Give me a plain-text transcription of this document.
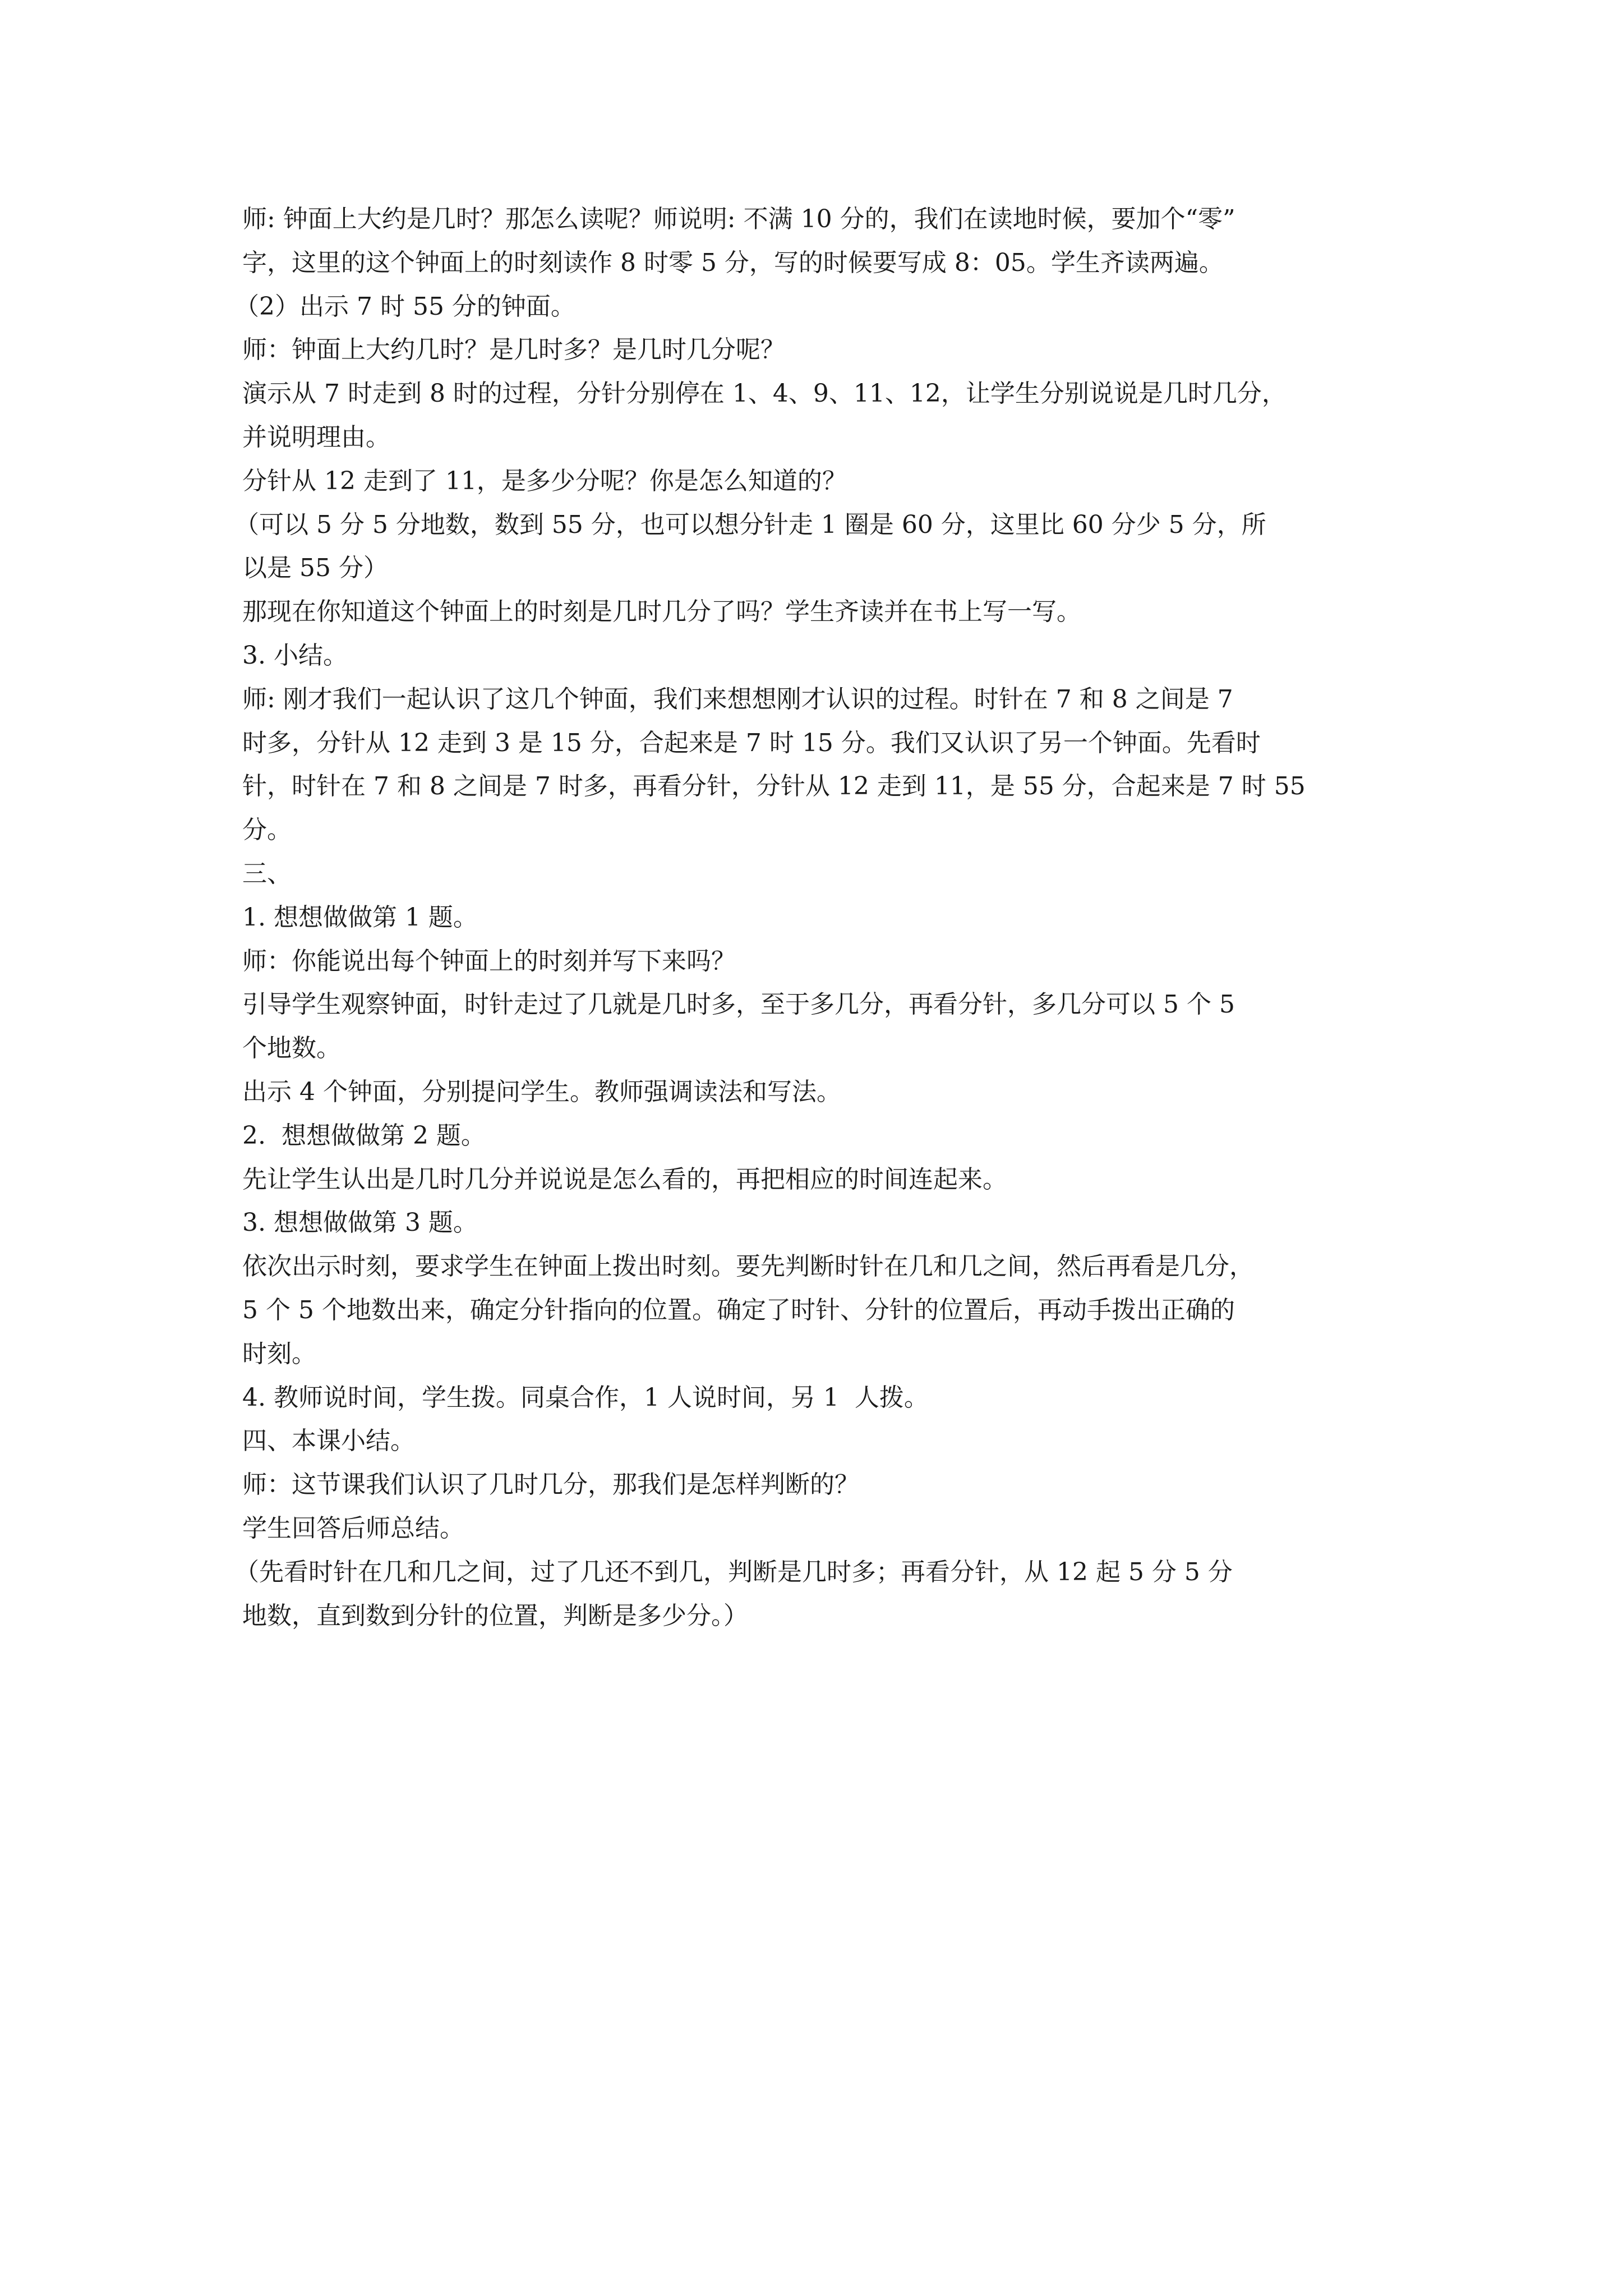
师: 钟面上大约是几时？那怎么读呢？师说明: 不满 10 分的，我们在读地时候，要加个“零”
字，这里的这个钟面上的时刻读作 8 时零 5 分，写的时候要写成 8：05。学生齐读两遍。
（2）出示 7 时 55 分的钟面。
师：钟面上大约几时？是几时多？是几时几分呢？
演示从 7 时走到 8 时的过程，分针分别停在 1、4、9、11、12，让学生分别说说是几时几分，
并说明理由。
分针从 12 走到了 11，是多少分呢？你是怎么知道的？
（可以 5 分 5 分地数，数到 55 分，也可以想分针走 1 圈是 60 分，这里比 60 分少 5 分，所
以是 55 分）
那现在你知道这个钟面上的时刻是几时几分了吗？学生齐读并在书上写一写。
3. 小结。
师: 刚才我们一起认识了这几个钟面，我们来想想刚才认识的过程。时针在 7 和 8 之间是 7
时多，分针从 12 走到 3 是 15 分，合起来是 7 时 15 分。我们又认识了另一个钟面。先看时
针，时针在 7 和 8 之间是 7 时多，再看分针，分针从 12 走到 11，是 55 分，合起来是 7 时 55
分。
三、
1. 想想做做第 1 题。
师：你能说出每个钟面上的时刻并写下来吗？
引导学生观察钟面，时针走过了几就是几时多，至于多几分，再看分针，多几分可以 5 个 5
个地数。
出示 4 个钟面，分别提问学生。教师强调读法和写法。
2.  想想做做第 2 题。
先让学生认出是几时几分并说说是怎么看的，再把相应的时间连起来。
3. 想想做做第 3 题。
依次出示时刻，要求学生在钟面上拨出时刻。要先判断时针在几和几之间，然后再看是几分，
5 个 5 个地数出来，确定分针指向的位置。确定了时针、分针的位置后，再动手拨出正确的
时刻。
4. 教师说时间，学生拨。同桌合作，1 人说时间，另 1  人拨。
四、本课小结。
师：这节课我们认识了几时几分，那我们是怎样判断的？
学生回答后师总结。
（先看时针在几和几之间，过了几还不到几，判断是几时多；再看分针，从 12 起 5 分 5 分
地数，直到数到分针的位置，判断是多少分。）
